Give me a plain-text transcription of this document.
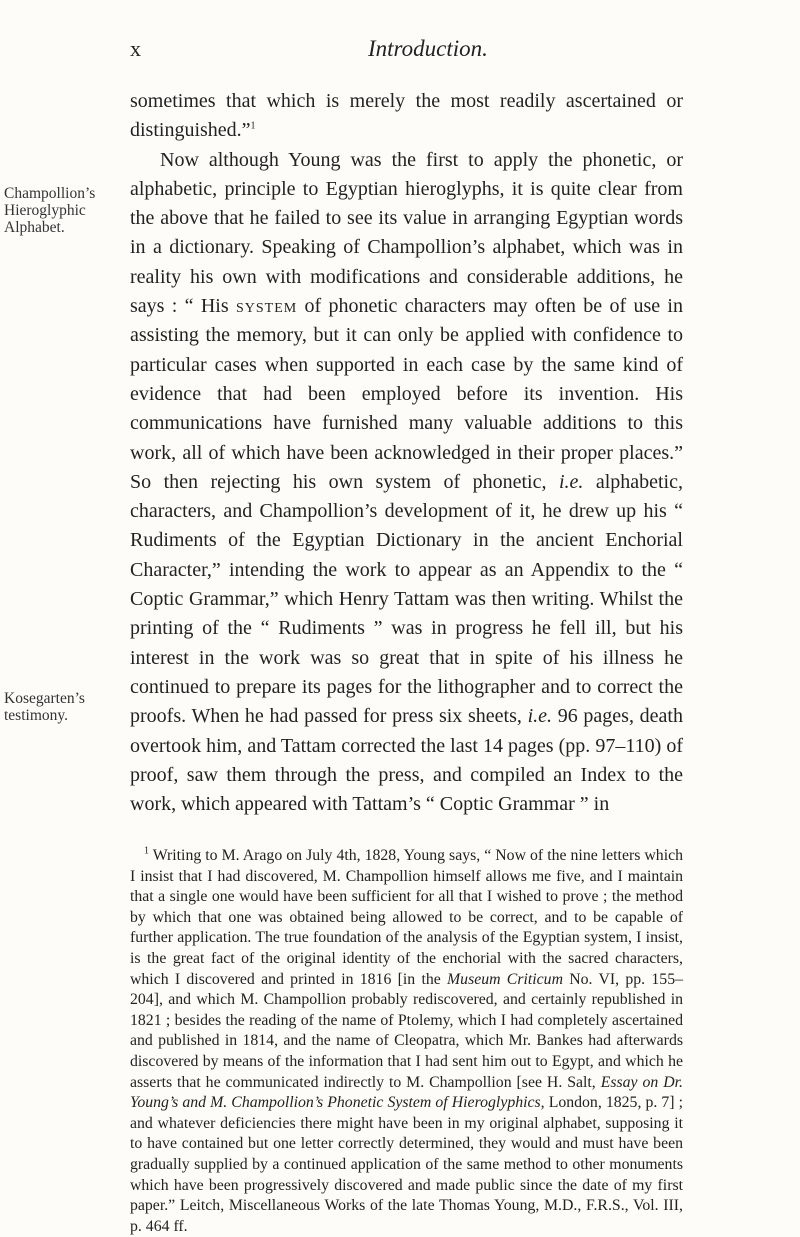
x	Introduction.
Champollion’s Hieroglyphic Alphabet.
Kosegarten’s testimony.

sometimes that which is merely the most readily ascertained or distinguished.”$^1$

Now although Young was the first to apply the phonetic, or alphabetic, principle to Egyptian hieroglyphs, it is quite clear from the above that he failed to see its value in arranging Egyptian words in a dictionary. Speaking of Champollion’s alphabet, which was in reality his own with modifications and considerable additions, he says : “ His system of phonetic characters may often be of use in assisting the memory, but it can only be applied with confidence to particular cases when supported in each case by the same kind of evidence that had been employed before its invention. His communications have furnished many valuable additions to this work, all of which have been acknowledged in their proper places.” So then rejecting his own system of phonetic, i.e. alphabetic, characters, and Champollion’s development of it, he drew up his “ Rudiments of the Egyptian Dictionary in the ancient Enchorial Character,” intending the work to appear as an Appendix to the “ Coptic Grammar,” which Henry Tattam was then writing. Whilst the printing of the “ Rudiments ” was in progress he fell ill, but his interest in the work was so great that in spite of his illness he continued to prepare its pages for the lithographer and to correct the proofs. When he had passed for press six sheets, i.e. 96 pages, death overtook him, and Tattam corrected the last 14 pages (pp. 97–110) of proof, saw them through the press, and compiled an Index to the work, which appeared with Tattam’s “ Coptic Grammar ” in

$^1$ Writing to M. Arago on July 4th, 1828, Young says, “ Now of the nine letters which I insist that I had discovered, M. Champollion himself allows me five, and I maintain that a single one would have been sufficient for all that I wished to prove ; the method by which that one was obtained being allowed to be correct, and to be capable of further application. The true foundation of the analysis of the Egyptian system, I insist, is the great fact of the original identity of the enchorial with the sacred characters, which I discovered and printed in 1816 [in the Museum Criticum No. VI, pp. 155–204], and which M. Champollion probably rediscovered, and certainly republished in 1821 ; besides the reading of the name of Ptolemy, which I had completely ascertained and published in 1814, and the name of Cleopatra, which Mr. Bankes had afterwards discovered by means of the information that I had sent him out to Egypt, and which he asserts that he communicated indirectly to M. Champollion [see H. Salt, Essay on Dr. Young’s and M. Champollion’s Phonetic System of Hieroglyphics, London, 1825, p. 7] ; and whatever deficiencies there might have been in my original alphabet, supposing it to have contained but one letter correctly determined, they would and must have been gradually supplied by a continued application of the same method to other monuments which have been progressively discovered and made public since the date of my first paper.” Leitch, Miscellaneous Works of the late Thomas Young, M.D., F.R.S., Vol. III, p. 464 ff.
